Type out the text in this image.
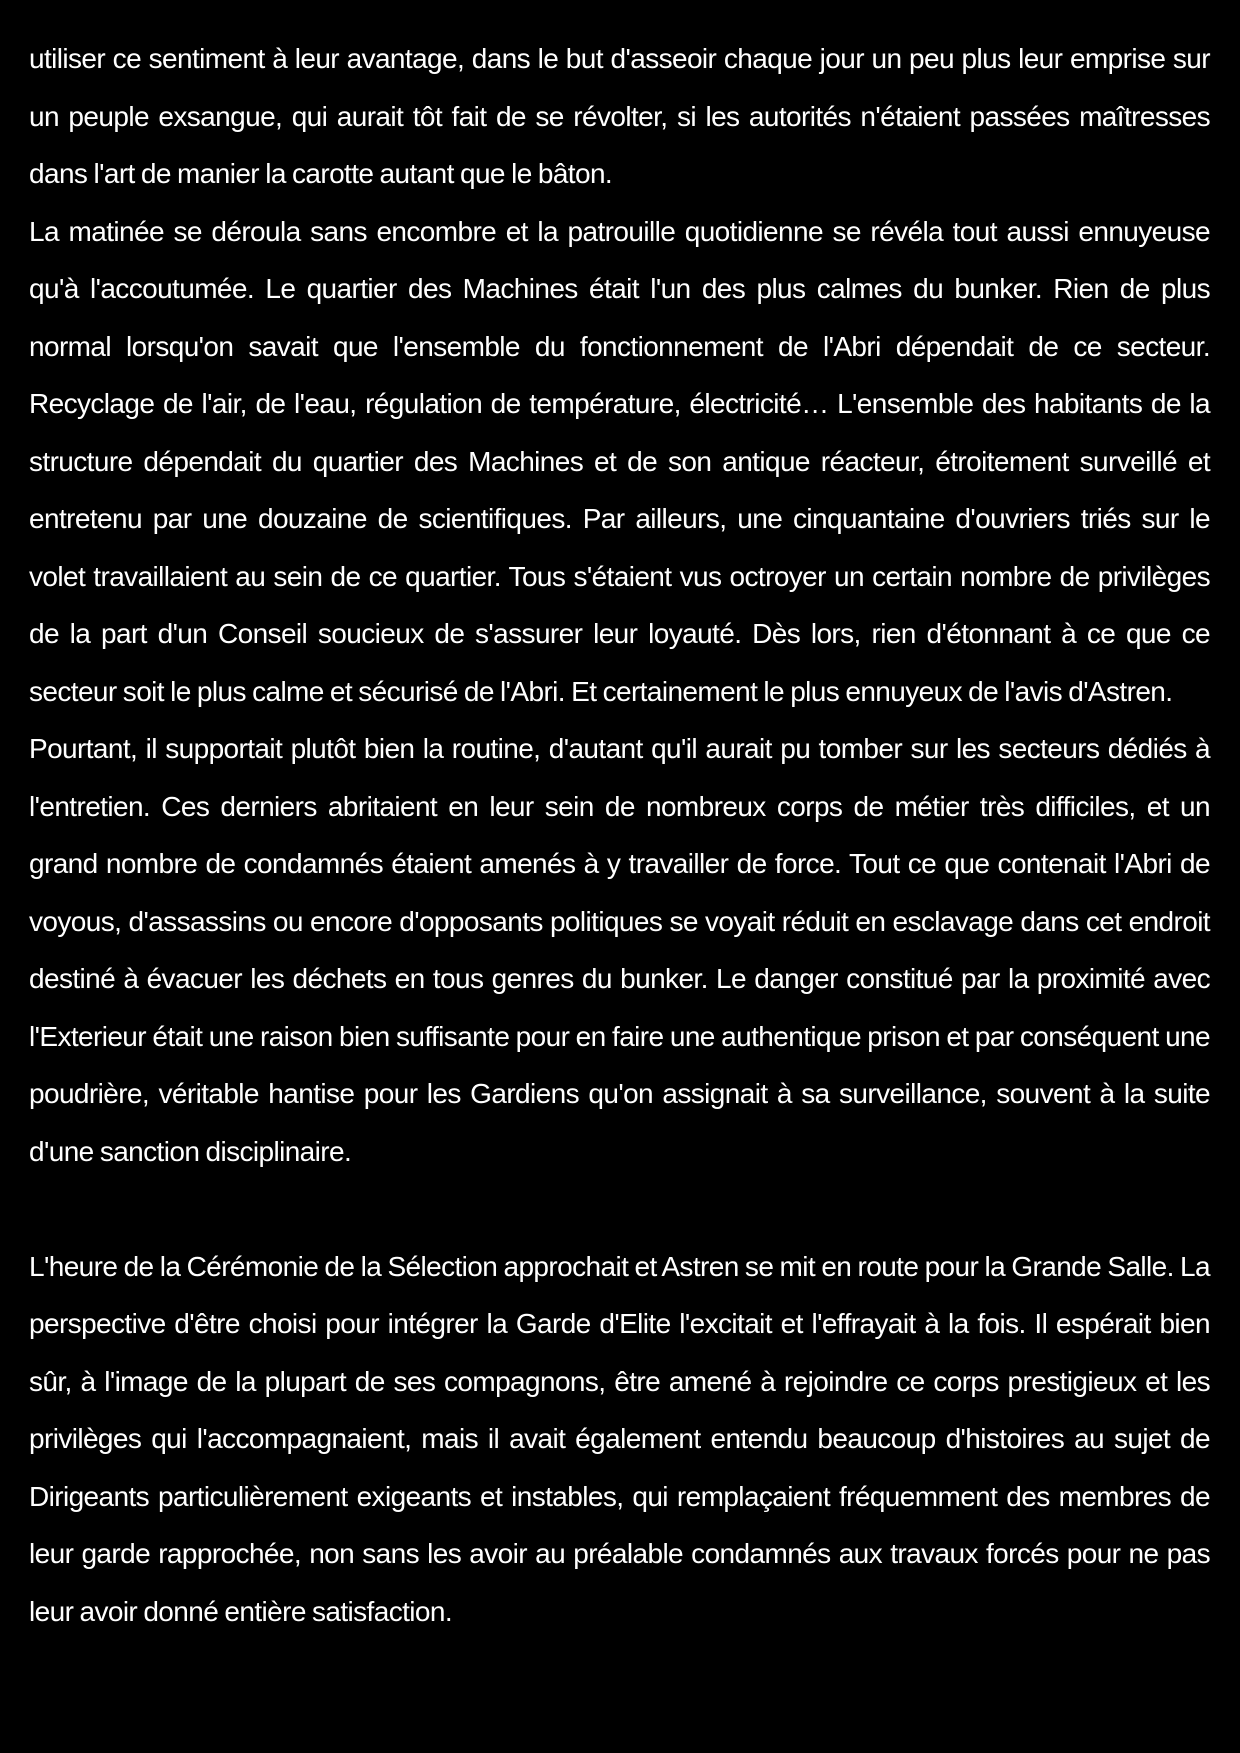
utiliser ce sentiment à leur avantage, dans le but d'asseoir chaque jour un peu plus leur emprise sur un peuple exsangue, qui aurait tôt fait de se révolter, si les autorités n'étaient passées maîtresses dans l'art de manier la carotte autant que le bâton.

La matinée se déroula sans encombre et la patrouille quotidienne se révéla tout aussi ennuyeuse qu'à l'accoutumée. Le quartier des Machines était l'un des plus calmes du bunker. Rien de plus normal lorsqu'on savait que l'ensemble du fonctionnement de l'Abri dépendait de ce secteur. Recyclage de l'air, de l'eau, régulation de température, électricité… L'ensemble des habitants de la structure dépendait du quartier des Machines et de son antique réacteur, étroitement surveillé et entretenu par une douzaine de scientifiques. Par ailleurs, une cinquantaine d'ouvriers triés sur le volet travaillaient au sein de ce quartier. Tous s'étaient vus octroyer un certain nombre de privilèges de la part d'un Conseil soucieux de s'assurer leur loyauté. Dès lors, rien d'étonnant à ce que ce secteur soit le plus calme et sécurisé de l'Abri. Et certainement le plus ennuyeux de l'avis d'Astren.

Pourtant, il supportait plutôt bien la routine, d'autant qu'il aurait pu tomber sur les secteurs dédiés à l'entretien. Ces derniers abritaient en leur sein de nombreux corps de métier très difficiles, et un grand nombre de condamnés étaient amenés à y travailler de force. Tout ce que contenait l'Abri de voyous, d'assassins ou encore d'opposants politiques se voyait réduit en esclavage dans cet endroit destiné à évacuer les déchets en tous genres du bunker. Le danger constitué par la proximité avec l'Exterieur était une raison bien suffisante pour en faire une authentique prison et par conséquent une poudrière, véritable hantise pour les Gardiens qu'on assignait à sa surveillance, souvent à la suite d'une sanction disciplinaire.

L'heure de la Cérémonie de la Sélection approchait et Astren se mit en route pour la Grande Salle. La perspective d'être choisi pour intégrer la Garde d'Elite l'excitait et l'effrayait à la fois. Il espérait bien sûr, à l'image de la plupart de ses compagnons, être amené à rejoindre ce corps prestigieux et les privilèges qui l'accompagnaient, mais il avait également entendu beaucoup d'histoires au sujet de Dirigeants particulièrement exigeants et instables, qui remplaçaient fréquemment des membres de leur garde rapprochée, non sans les avoir au préalable condamnés aux travaux forcés pour ne pas leur avoir donné entière satisfaction.
